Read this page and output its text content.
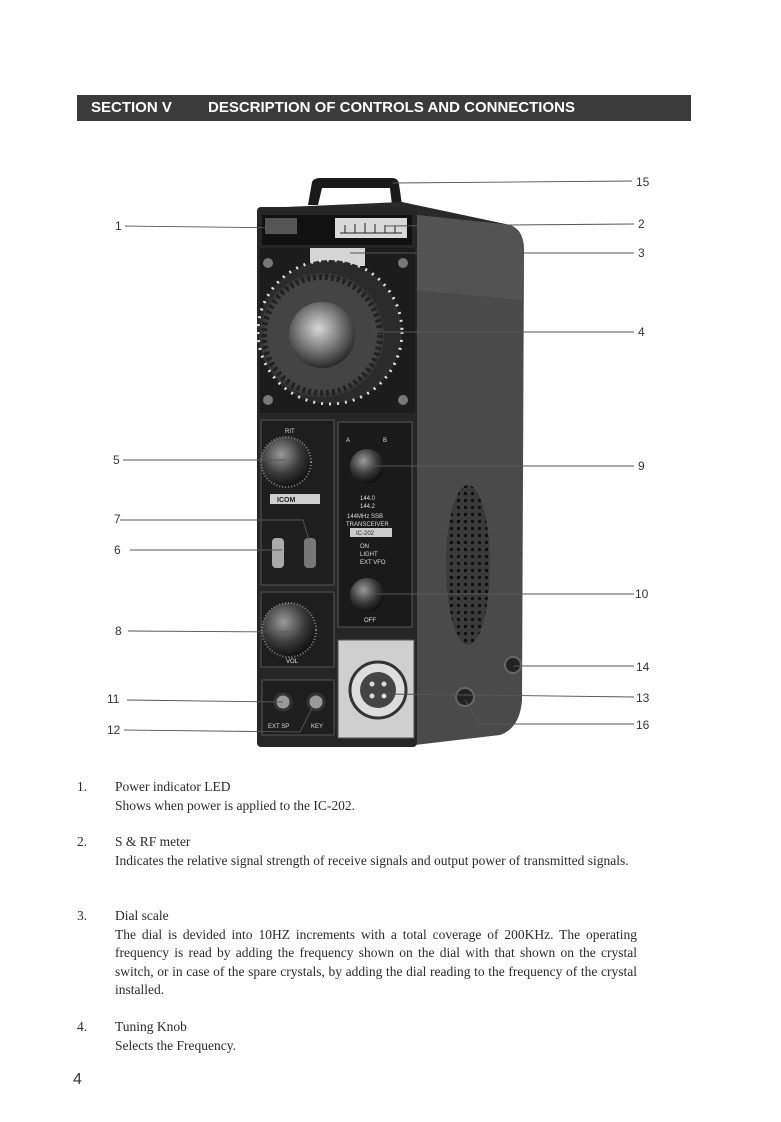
SECTION V DESCRIPTION OF CONTROLS AND CONNECTIONS
RIT
ICOM
VOL
EXT SP	KEY
A	B
144.0
144.2
144MHz SSB
TRANSCEIVER
IC-202
ON
LIGHT
EXT VFO
OFF
1	2
3
4
5
6
7
8
9
10
11
12
13
14
15
16
1. Power indicator LED
Shows when power is applied to the IC-202.
2. S & RF meter
Indicates the relative signal strength of receive signals and output power of transmitted signals.
3. Dial scale
The dial is devided into 10HZ increments with a total coverage of 200KHz. The operating frequency is read by adding the frequency shown on the dial with that shown on the crystal switch, or in case of the spare crystals, by adding the dial reading to the frequency of the crystal installed.
4. Tuning Knob
Selects the Frequency.
4
